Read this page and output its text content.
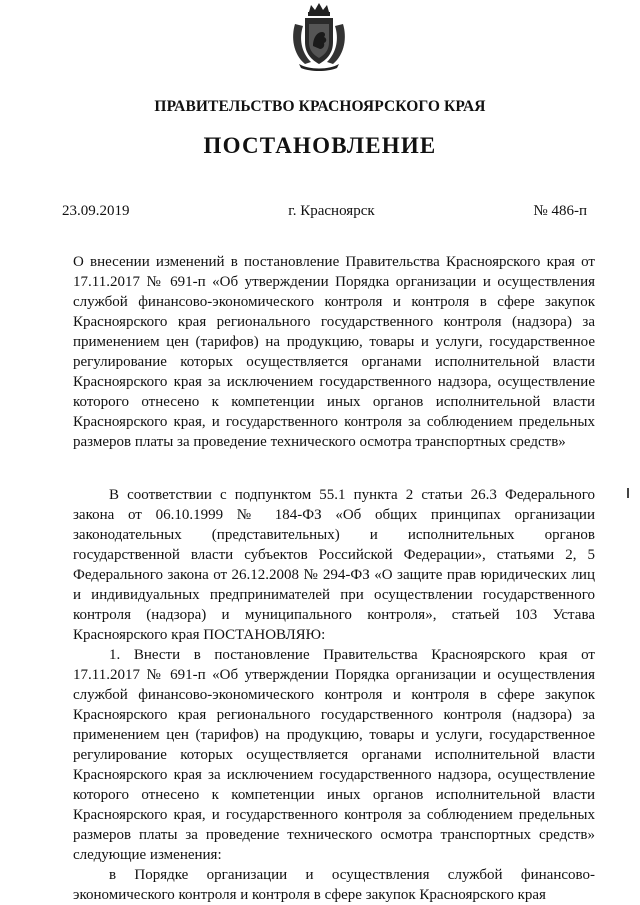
ПРАВИТЕЛЬСТВО КРАСНОЯРСКОГО КРАЯ
ПОСТАНОВЛЕНИЕ
23.09.2019	г. Красноярск	№ 486-п
О внесении изменений в постановление Правительства Красноярского края от 17.11.2017 № 691-п «Об утверждении Порядка организации и осуществления службой финансово-экономического контроля и контроля в сфере закупок Красноярского края регионального государственного контроля (надзора) за применением цен (тарифов) на продукцию, товары и услуги, государственное регулирование которых осуществляется органами исполнительной власти Красноярского края за исключением государственного надзора, осуществление которого отнесено к компетенции иных органов исполнительной власти Красноярского края, и государственного контроля за соблюдением предельных размеров платы за проведение технического осмотра транспортных средств»

В соответствии с подпунктом 55.1 пункта 2 статьи 26.3 Федерального закона от 06.10.1999 № 184-ФЗ «Об общих принципах организации законодательных (представительных) и исполнительных органов государственной власти субъектов Российской Федерации», статьями 2, 5 Федерального закона от 26.12.2008 № 294-ФЗ «О защите прав юридических лиц и индивидуальных предпринимателей при осуществлении государственного контроля (надзора) и муниципального контроля», статьей 103 Устава Красноярского края ПОСТАНОВЛЯЮ:

1. Внести в постановление Правительства Красноярского края от 17.11.2017 № 691-п «Об утверждении Порядка организации и осуществления службой финансово-экономического контроля и контроля в сфере закупок Красноярского края регионального государственного контроля (надзора) за применением цен (тарифов) на продукцию, товары и услуги, государственное регулирование которых осуществляется органами исполнительной власти Красноярского края за исключением государственного надзора, осуществление которого отнесено к компетенции иных органов исполнительной власти Красноярского края, и государственного контроля за соблюдением предельных размеров платы за проведение технического осмотра транспортных средств» следующие изменения:

в Порядке организации и осуществления службой финансово-экономического контроля и контроля в сфере закупок Красноярского края
